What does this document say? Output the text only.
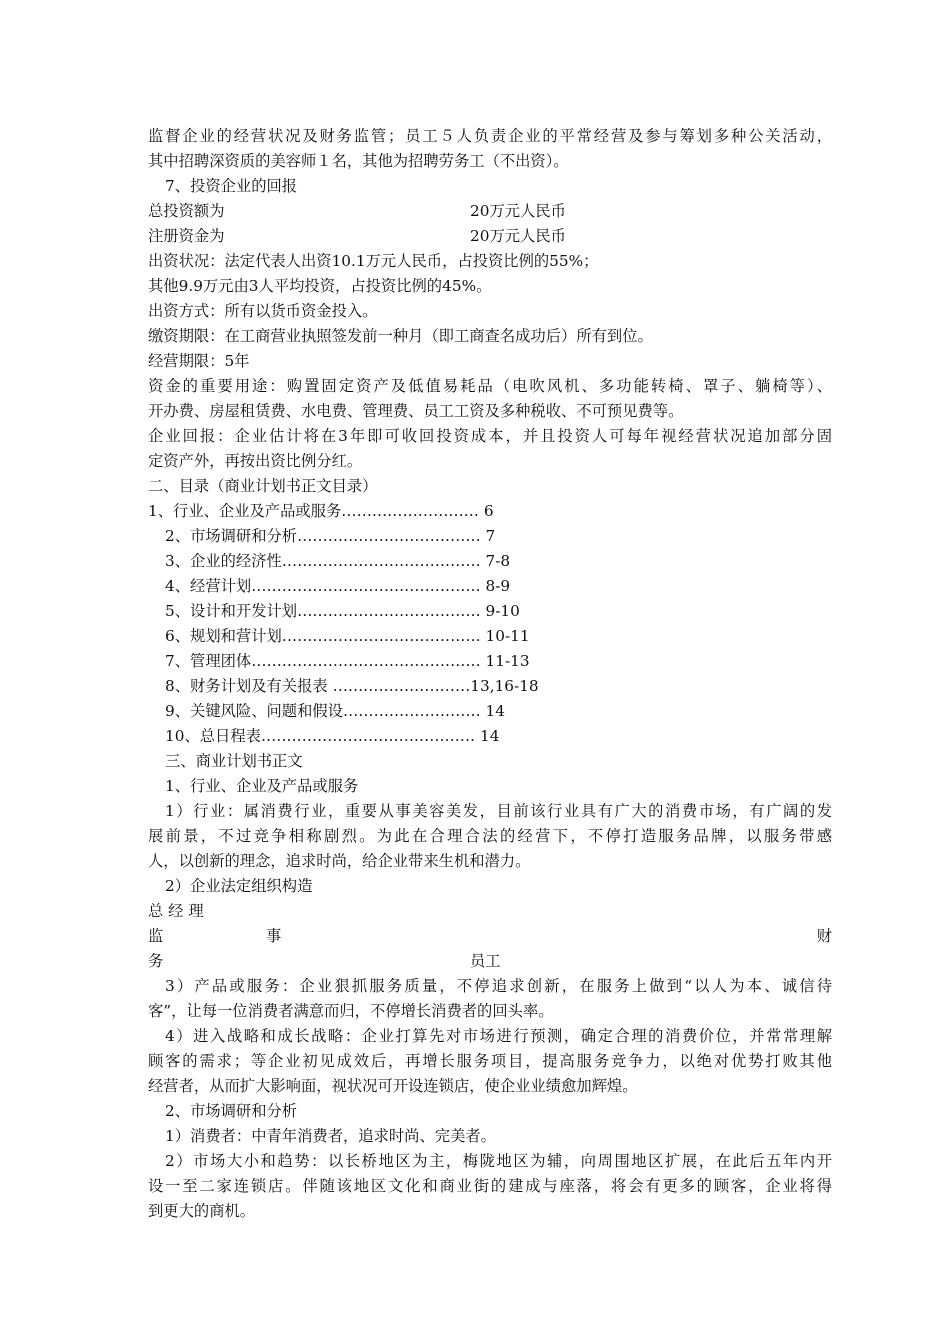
监督企业的经营状况及财务监管；员工５人负责企业的平常经营及参与筹划多种公关活动，
其中招聘深资质的美容师１名，其他为招聘劳务工（不出资）。
7、投资企业的回报
总投资额为	20万元人民币
注册资金为	20万元人民币
出资状况：法定代表人出资10.1万元人民币，占投资比例的55%；
其他9.9万元由3人平均投资，占投资比例的45%。
出资方式：所有以货币资金投入。
缴资期限：在工商营业执照签发前一种月（即工商查名成功后）所有到位。
经营期限：5年
资金的重要用途：购置固定资产及低值易耗品（电吹风机、多功能转椅、罩子、躺椅等）、
开办费、房屋租赁费、水电费、管理费、员工工资及多种税收、不可预见费等。
企业回报：企业估计将在3年即可收回投资成本，并且投资人可每年视经营状况追加部分固
定资产外，再按出资比例分红。
二、目录（商业计划书正文目录）
1、行业、企业及产品或服务……………………… 6
2、市场调研和分析……………………………… 7
3、企业的经济性………………………………… 7-8
4、经营计划……………………………………… 8-9
5、设计和开发计划……………………………… 9-10
6、规划和营计划………………………………… 10-11
7、管理团体……………………………………… 11-13
8、财务计划及有关报表 ………………………13,16-18
9、关键风险、问题和假设……………………… 14
10、总日程表…………………………………… 14
三、商业计划书正文
1、行业、企业及产品或服务
1）行业：属消费行业，重要从事美容美发，目前该行业具有广大的消费市场，有广阔的发
展前景，不过竞争相称剧烈。为此在合理合法的经营下，不停打造服务品牌，以服务带感
人，以创新的理念，追求时尚，给企业带来生机和潜力。
2）企业法定组织构造
总 经 理
监	事	财
务	员工
3）产品或服务：企业狠抓服务质量，不停追求创新，在服务上做到“以人为本、诚信待
客”，让每一位消费者满意而归，不停增长消费者的回头率。
4）进入战略和成长战略：企业打算先对市场进行预测，确定合理的消费价位，并常常理解
顾客的需求；等企业初见成效后，再增长服务项目，提高服务竞争力，以绝对优势打败其他
经营者，从而扩大影响面，视状况可开设连锁店，使企业业绩愈加辉煌。
2、市场调研和分析
1）消费者：中青年消费者，追求时尚、完美者。
2）市场大小和趋势：以长桥地区为主，梅陇地区为辅，向周围地区扩展，在此后五年内开
设一至二家连锁店。伴随该地区文化和商业街的建成与座落，将会有更多的顾客，企业将得
到更大的商机。
